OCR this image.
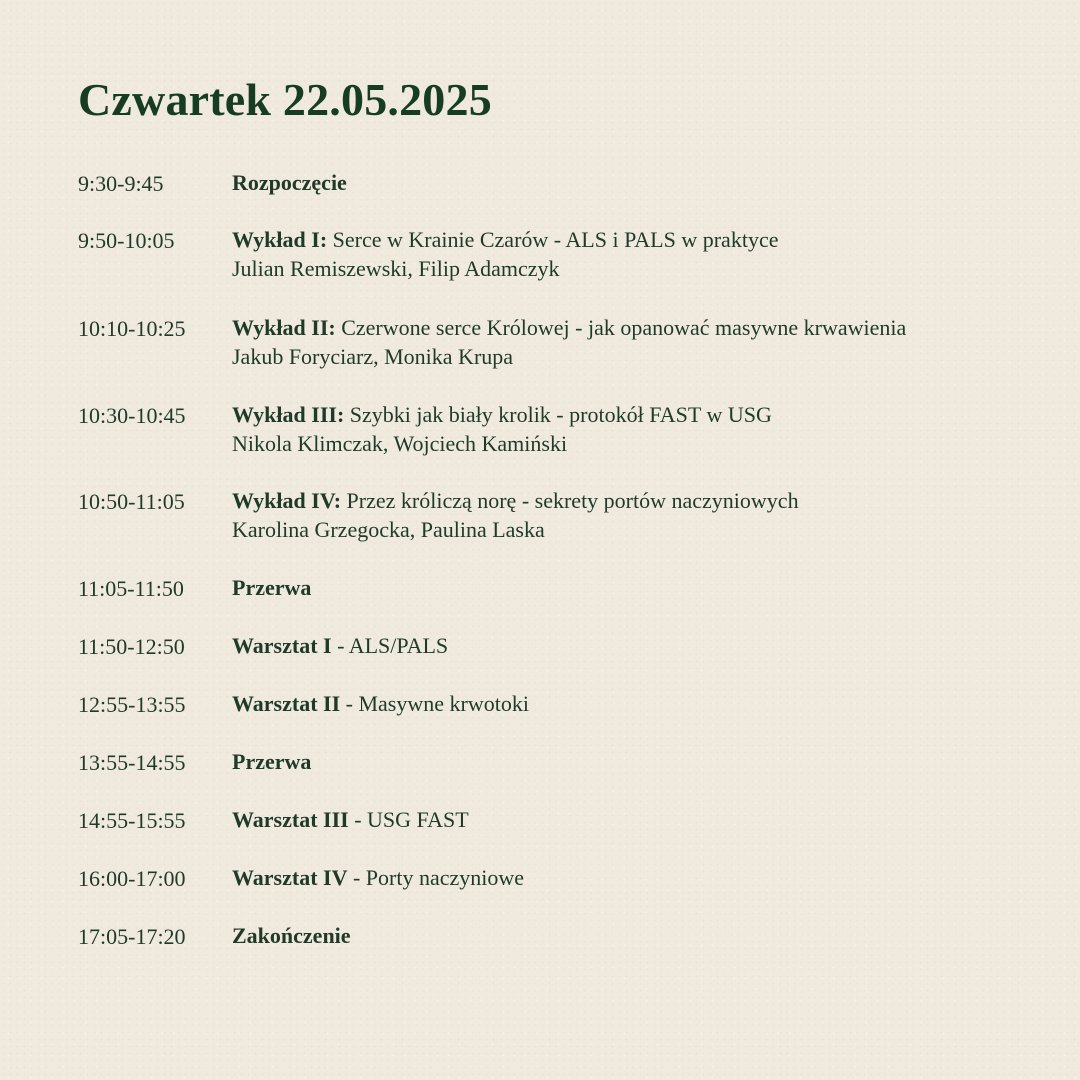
Czwartek 22.05.2025
9:30-9:45	Rozpoczęcie
9:50-10:05	Wykład I: Serce w Krainie Czarów - ALS i PALS w praktyce
Julian Remiszewski, Filip Adamczyk
10:10-10:25	Wykład II: Czerwone serce Królowej - jak opanować masywne krwawienia
Jakub Foryciarz, Monika Krupa
10:30-10:45	Wykład III: Szybki jak biały krolik - protokół FAST w USG
Nikola Klimczak, Wojciech Kamiński
10:50-11:05	Wykład IV: Przez króliczą norę - sekrety portów naczyniowych
Karolina Grzegocka, Paulina Laska
11:05-11:50	Przerwa
11:50-12:50	Warsztat I - ALS/PALS
12:55-13:55	Warsztat II - Masywne krwotoki
13:55-14:55	Przerwa
14:55-15:55	Warsztat III - USG FAST
16:00-17:00	Warsztat IV - Porty naczyniowe
17:05-17:20	Zakończenie
